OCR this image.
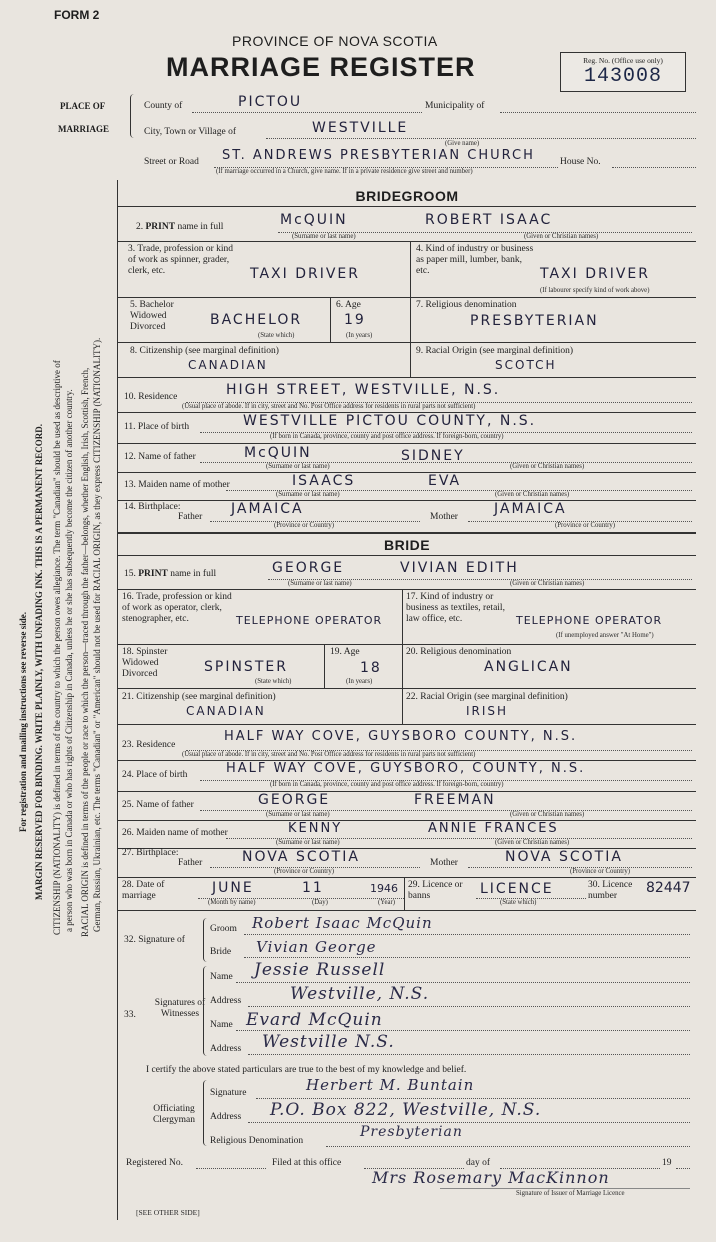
FORM 2
PROVINCE OF NOVA SCOTIA
MARRIAGE REGISTER	Reg. No. (Office use only)
143008
PLACE OF
MARRIAGE
County of	PICTOU	Municipality of
City, Town or Village of	WESTVILLE
(Give name)
Street or Road ST. ANDREWS PRESBYTERIAN CHURCH	House No.
(If marriage occurred in a Church, give name. If in a private residence give street and number)
BRIDEGROOM
2. PRINT name in full	McQUIN	ROBERT ISAAC
(Surname or last name)	(Given or Christian names)
3. Trade, profession or kind of work as spinner, grader, clerk, etc.	TAXI DRIVER
4. Kind of industry or business as paper mill, lumber, bank, etc.	TAXI DRIVER
(If labourer specify kind of work above)
5. Bachelor Widowed Divorced	BACHELOR
(State which)
6. Age
19
(In years)
7. Religious denomination
PRESBYTERIAN
8. Citizenship (see marginal definition)
CANADIAN
9. Racial Origin (see marginal definition)
SCOTCH
10. Residence	HIGH STREET, WESTVILLE, N.S.
(Usual place of abode. If in city, street and No. Post Office address for residents in rural parts not sufficient)
11. Place of birth	WESTVILLE PICTOU COUNTY, N.S.
(If born in Canada, province, county and post office address. If foreign-born, country)
12. Name of father	McQUIN	SIDNEY
(Surname or last name)	(Given or Christian names)
13. Maiden name of mother	ISAACS	EVA
(Surname or last name)	(Given or Christian names)
14. Birthplace:
Father JAMAICA
(Province or Country)
Mother	JAMAICA
(Province or Country)
BRIDE
15. PRINT name in full	GEORGE	VIVIAN EDITH
(Surname or last name)	(Given or Christian names)
16. Trade, profession or kind of work as operator, clerk, stenographer, etc.	TELEPHONE OPERATOR
17. Kind of industry or business as textiles, retail, law office, etc.	TELEPHONE OPERATOR
(If unemployed answer "At Home")
18. Spinster Widowed Divorced	SPINSTER
(State which)
19. Age
18
(In years)
20. Religious denomination
ANGLICAN
21. Citizenship (see marginal definition)
CANADIAN
22. Racial Origin (see marginal definition)
IRISH
23. Residence
HALF WAY COVE, GUYSBORO COUNTY, N.S.
(Usual place of abode. If in city, street and No. Post Office address for residents in rural parts not sufficient)
24. Place of birth	HALF WAY COVE, GUYSBORO, COUNTY, N.S.
(If born in Canada, province, county and post office address. If foreign-born, country)
25. Name of father	GEORGE	FREEMAN
(Surname or last name)	(Given or Christian names)
26. Maiden name of mother	KENNY	ANNIE FRANCES
(Surname or last name)	(Given or Christian names)
27. Birthplace:
Father	NOVA SCOTIA
(Province or Country)
Mother	NOVA SCOTIA
(Province or Country)
28. Date of marriage	JUNE	11	1946
(Month by name)	(Day)	(Year)
29. Licence or banns	LICENCE
(State which)
30. Licence number	82447
32. Signature of
Groom Robert Isaac McQuin
Bride Vivian George
33.
Signatures of Witnesses
Name Jessie Russell
Address	Westville, N.S.
Name Evard McQuin
Address Westville N.S.
I certify the above stated particulars are true to the best of my knowledge and belief.
Officiating Clergyman
Signature	Herbert M. Buntain
Address P.O. Box 822, Westville, N.S.
Religious Denomination
Presbyterian
Registered No.	Filed at this office	day of	19
Mrs Rosemary MacKinnon
Signature of Issuer of Marriage Licence
[SEE OTHER SIDE]
For registration and mailing instructions see reverse side. MARGIN RESERVED FOR BINDING. WRITE PLAINLY, WITH UNFADING INK. THIS IS A PERMANENT RECORD. CITIZENSHIP (NATIONALITY) is defined in terms of the country to which the person owes allegiance. The term "Canadian" should be used as descriptive of a person who was born in Canada or who has rights of Citizenship in Canada, unless he or she has subsequently become the citizen of another country. RACIAL ORIGIN is defined in terms of the people or race to which the person—traced through the father—belongs, whether English, Irish, Scottish, French, German, Russian, Ukrainian, etc. The terms "Canadian" or "American" should not be used for RACIAL ORIGIN, as they express CITIZENSHIP (NATIONALITY).
